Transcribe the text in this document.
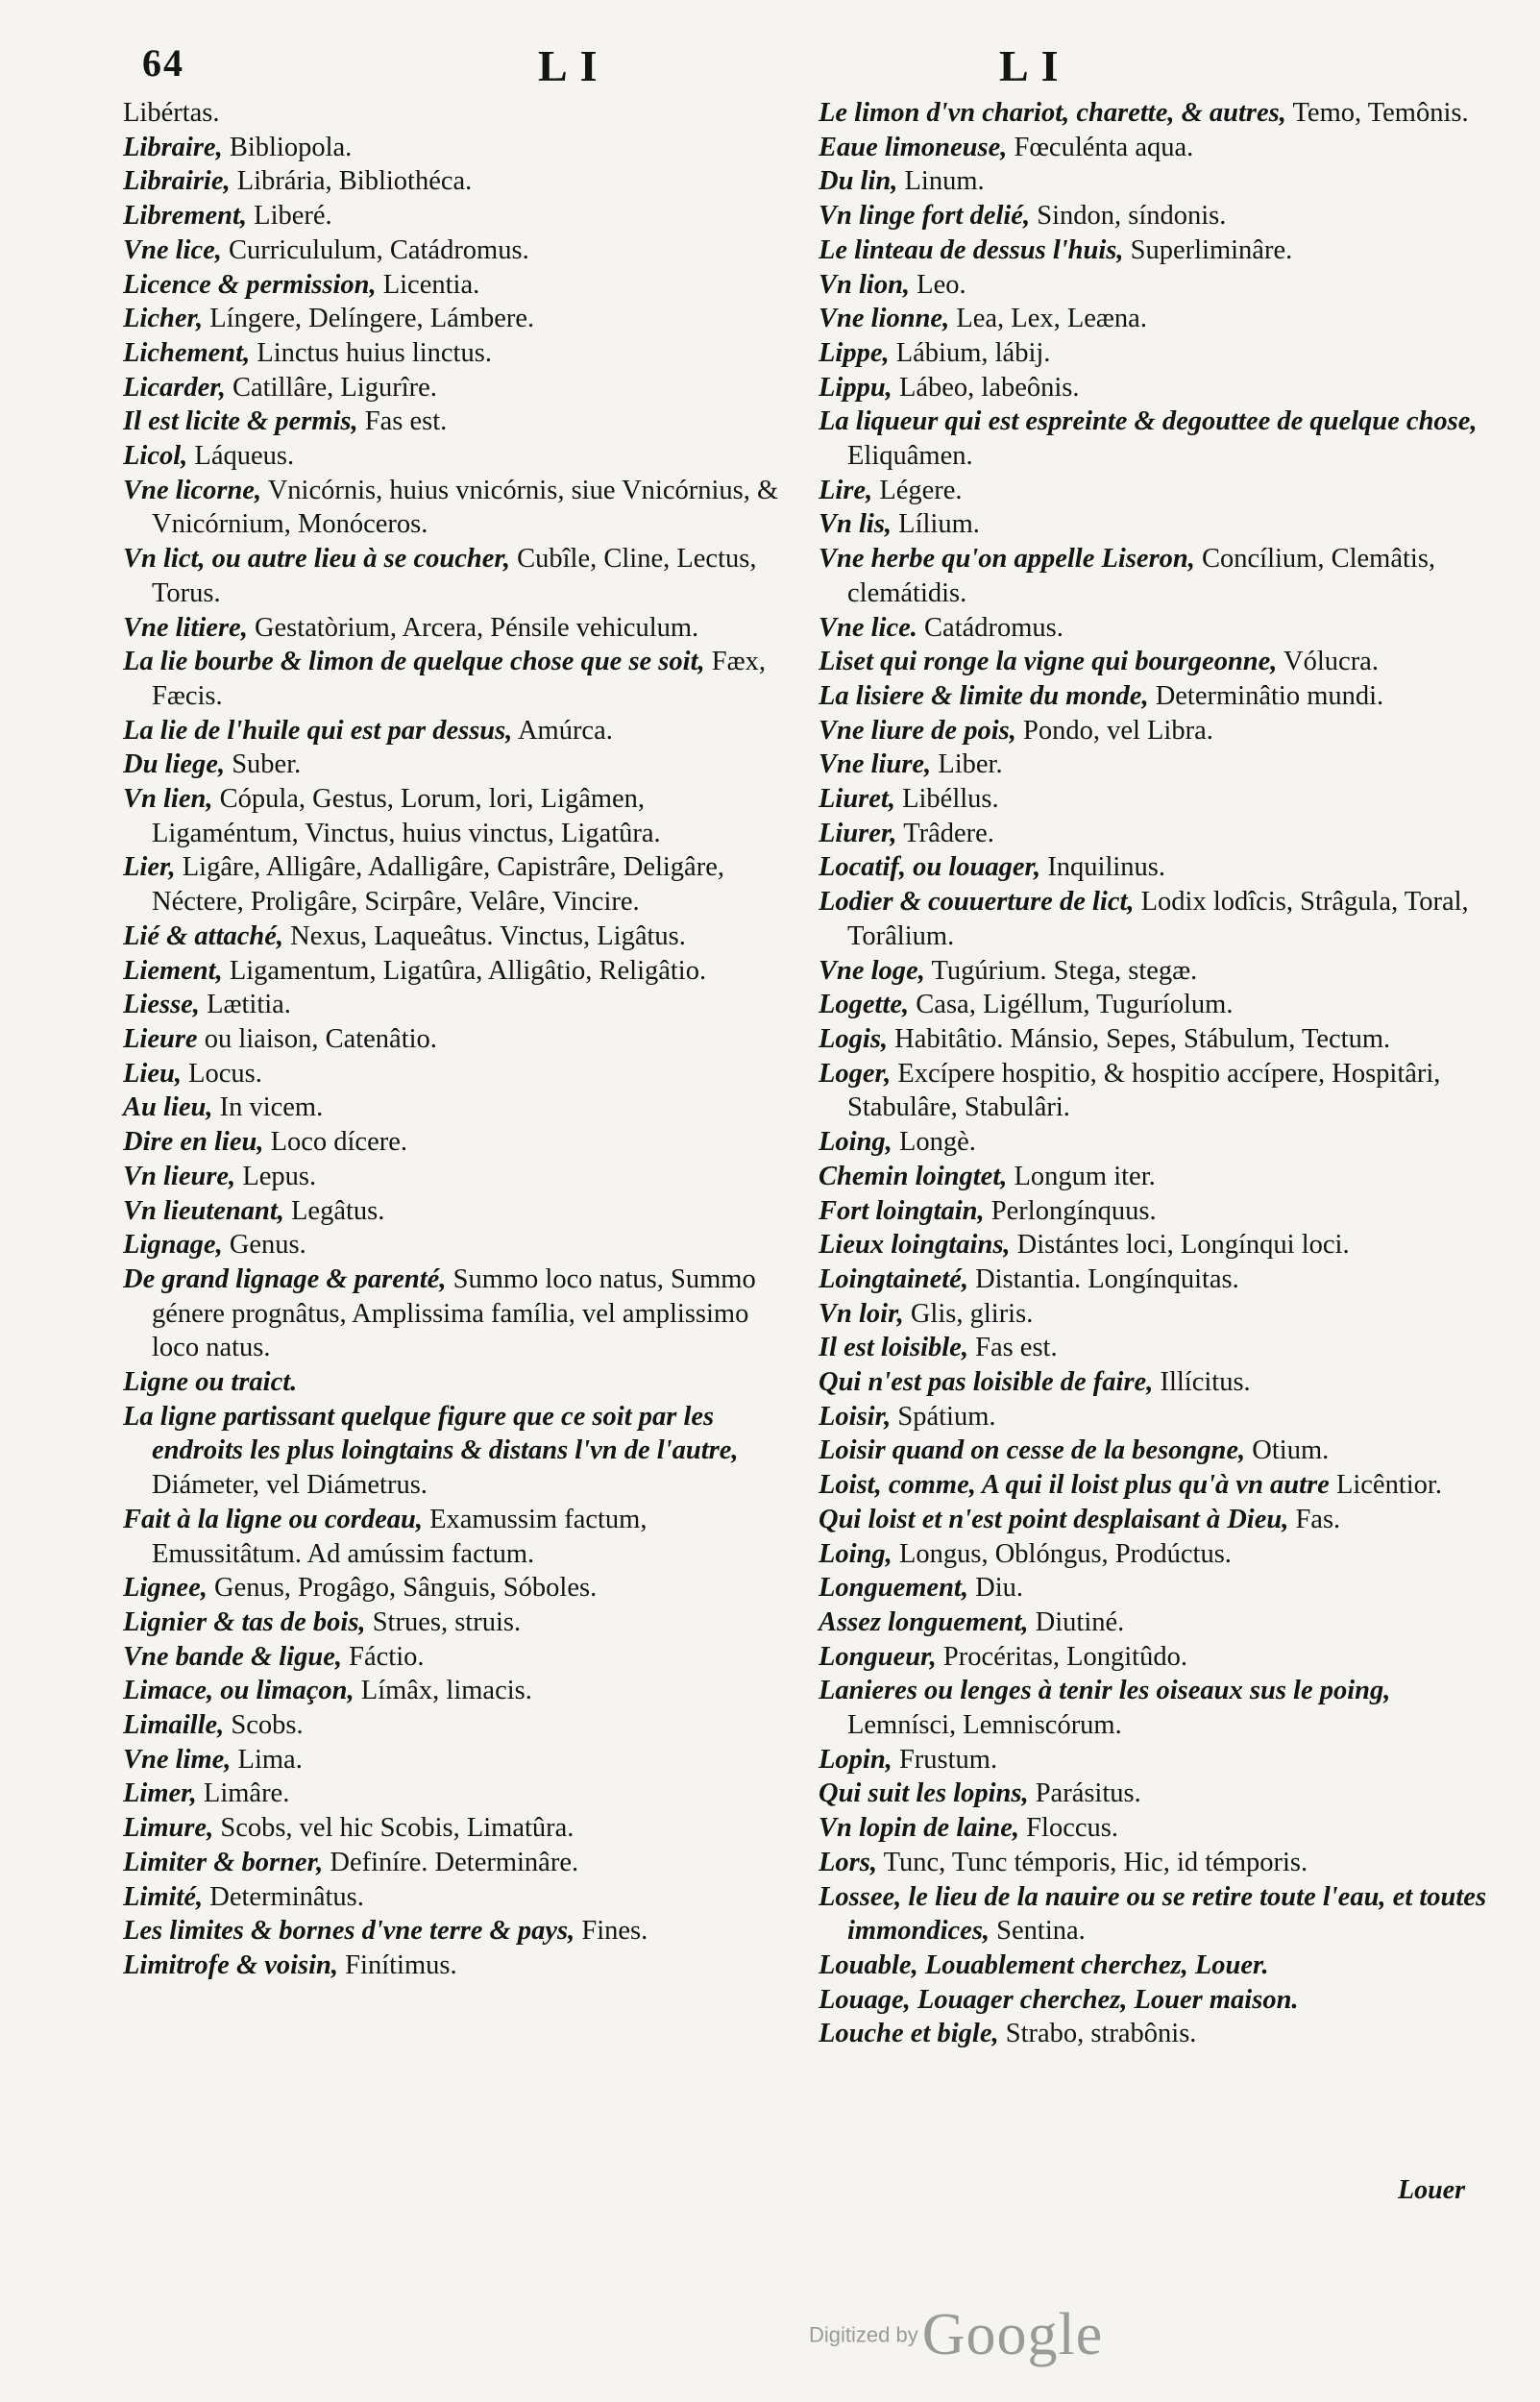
64	L I	L I

Libértas.

Libraire, Bibliopola.

Librairie, Librária, Bibliothéca.

Librement, Liberé.

Vne lice, Curricululum, Catádromus.

Licence & permission, Licentia.

Licher, Língere, Delíngere, Lámbere.

Lichement, Linctus huius linctus.

Licarder, Catillâre, Ligurîre.

Il est licite & permis, Fas est.

Licol, Láqueus.

Vne licorne, Vnicórnis, huius vnicórnis, siue Vnicórnius, & Vnicórnium, Monóceros.

Vn lict, ou autre lieu à se coucher, Cubîle, Cline, Lectus, Torus.

Vne litiere, Gestatòrium, Arcera, Pénsile vehiculum.

La lie bourbe & limon de quelque chose que se soit, Fæx, Fæcis.

La lie de l'huile qui est par dessus, Amúrca.

Du liege, Suber.

Vn lien, Cópula, Gestus, Lorum, lori, Ligâmen, Ligaméntum, Vinctus, huius vinctus, Ligatûra.

Lier, Ligâre, Alligâre, Adalligâre, Capistrâre, Deligâre, Néctere, Proligâre, Scirpâre, Velâre, Vincire.

Lié & attaché, Nexus, Laqueâtus. Vinctus, Ligâtus.

Liement, Ligamentum, Ligatûra, Alligâtio, Religâtio.

Liesse, Lætitia.

Lieure ou liaison, Catenâtio.

Lieu, Locus.

Au lieu, In vicem.

Dire en lieu, Loco dícere.

Vn lieure, Lepus.

Vn lieutenant, Legâtus.

Lignage, Genus.

De grand lignage & parenté, Summo loco natus, Summo génere prognâtus, Amplissima família, vel amplissimo loco natus.

Ligne ou traict.

La ligne partissant quelque figure que ce soit par les endroits les plus loingtains & distans l'vn de l'autre, Diámeter, vel Diámetrus.

Fait à la ligne ou cordeau, Examussim factum, Emussitâtum. Ad amússim factum.

Lignee, Genus, Progâgo, Sânguis, Sóboles.

Lignier & tas de bois, Strues, struis.

Vne bande & ligue, Fáctio.

Limace, ou limaçon, Límâx, limacis.

Limaille, Scobs.

Vne lime, Lima.

Limer, Limâre.

Limure, Scobs, vel hic Scobis, Limatûra.

Limiter & borner, Definíre. Determinâre.

Limité, Determinâtus.

Les limites & bornes d'vne terre & pays, Fines.

Limitrofe & voisin, Finítimus.

Le limon d'vn chariot, charette, & autres, Temo, Temônis.

Eaue limoneuse, Fœculénta aqua.

Du lin, Linum.

Vn linge fort delié, Sindon, síndonis.

Le linteau de dessus l'huis, Superliminâre.

Vn lion, Leo.

Vne lionne, Lea, Lex, Leæna.

Lippe, Lábium, lábij.

Lippu, Lábeo, labeônis.

La liqueur qui est espreinte & degouttee de quelque chose, Eliquâmen.

Lire, Légere.

Vn lis, Lílium.

Vne herbe qu'on appelle Liseron, Concílium, Clemâtis, clemátidis.

Vne lice. Catádromus.

Liset qui ronge la vigne qui bourgeonne, Vólucra.

La lisiere & limite du monde, Determinâtio mundi.

Vne liure de pois, Pondo, vel Libra.

Vne liure, Liber.

Liuret, Libéllus.

Liurer, Trâdere.

Locatif, ou louager, Inquilinus.

Lodier & couuerture de lict, Lodix lodîcis, Strâgula, Toral, Torâlium.

Vne loge, Tugúrium. Stega, stegæ.

Logette, Casa, Ligéllum, Tuguríolum.

Logis, Habitâtio. Mánsio, Sepes, Stábulum, Tectum.

Loger, Excípere hospitio, & hospitio accípere, Hospitâri, Stabulâre, Stabulâri.

Loing, Longè.

Chemin loingtet, Longum iter.

Fort loingtain, Perlongínquus.

Lieux loingtains, Distántes loci, Longínqui loci.

Loingtaineté, Distantia. Longínquitas.

Vn loir, Glis, gliris.

Il est loisible, Fas est.

Qui n'est pas loisible de faire, Illícitus.

Loisir, Spátium.

Loisir quand on cesse de la besongne, Otium.

Loist, comme, A qui il loist plus qu'à vn autre Licêntior.

Qui loist et n'est point desplaisant à Dieu, Fas.

Loing, Longus, Oblóngus, Prodúctus.

Longuement, Diu.

Assez longuement, Diutiné.

Longueur, Procéritas, Longitûdo.

Lanieres ou lenges à tenir les oiseaux sus le poing, Lemnísci, Lemniscórum.

Lopin, Frustum.

Qui suit les lopins, Parásitus.

Vn lopin de laine, Floccus.

Lors, Tunc, Tunc témporis, Hic, id témporis.

Lossee, le lieu de la nauire ou se retire toute l'eau, et toutes immondices, Sentina.

Louable, Louablement cherchez, Louer.

Louage, Louager cherchez, Louer maison.

Louche et bigle, Strabo, strabônis.

Louer
Digitized by Google
